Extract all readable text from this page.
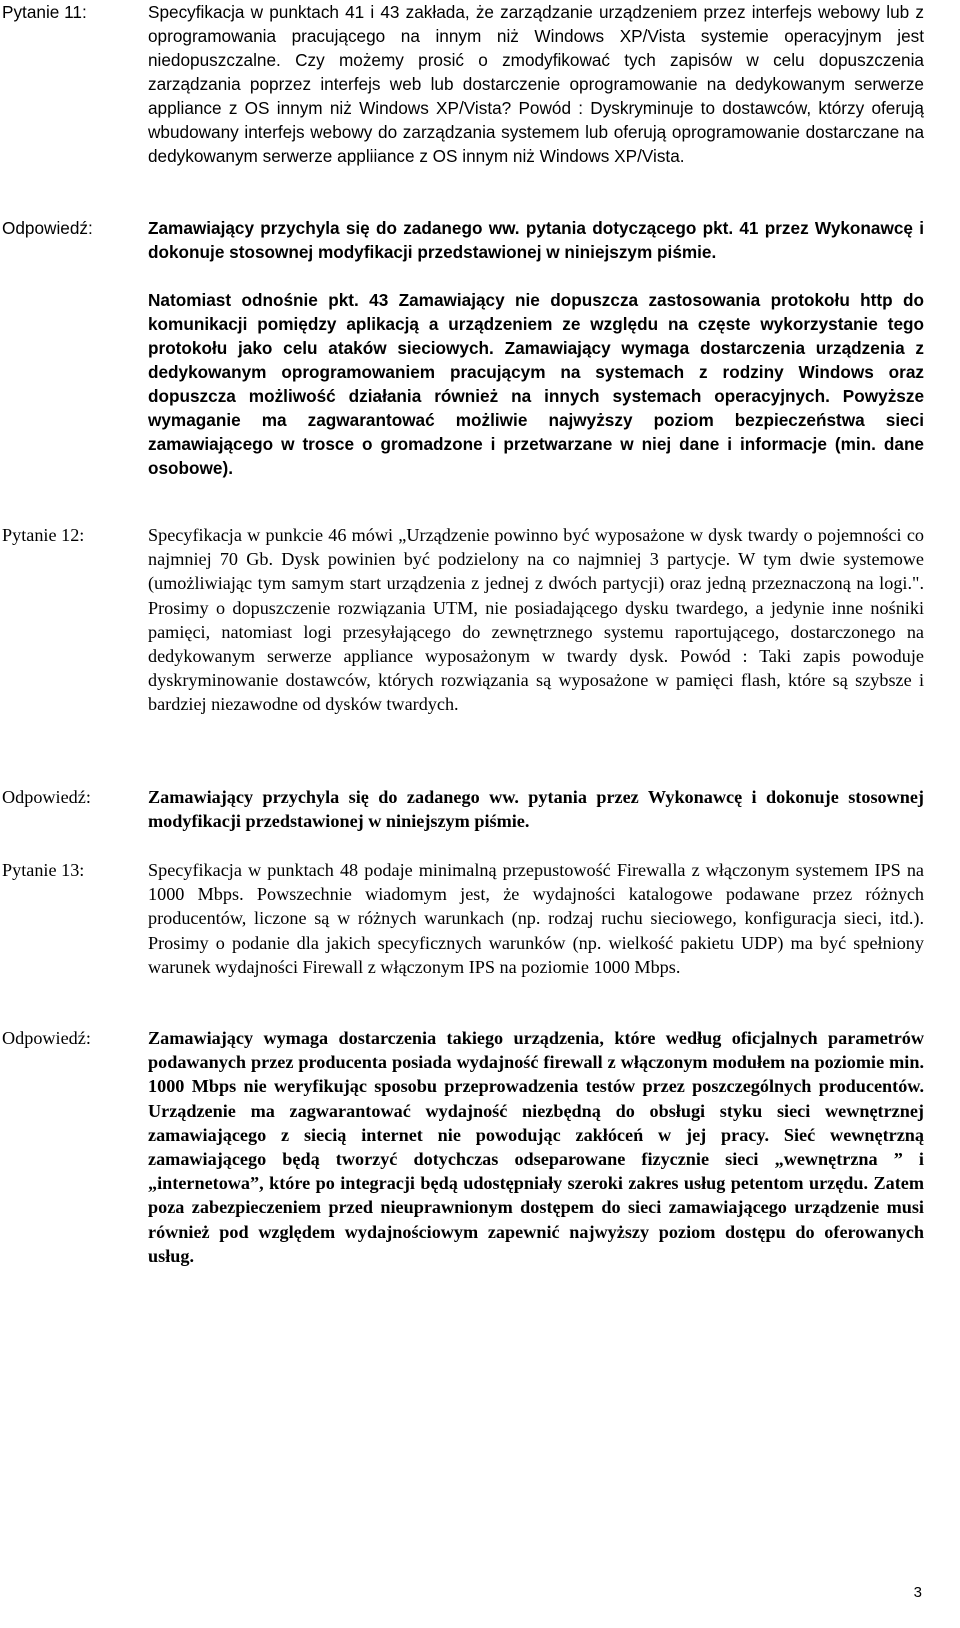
Pytanie 11:	Specyfikacja w punktach 41 i 43 zakłada, że zarządzanie urządzeniem przez interfejs webowy lub z oprogramowania pracującego na innym niż Windows XP/Vista systemie operacyjnym jest niedopuszczalne. Czy możemy prosić o zmodyfikować tych zapisów w celu dopuszczenia zarządzania poprzez interfejs web lub dostarczenie oprogramowanie na dedykowanym serwerze appliance z OS innym niż Windows XP/Vista? Powód : Dyskryminuje to dostawców, którzy oferują wbudowany interfejs webowy do zarządzania systemem lub oferują oprogramowanie dostarczane na dedykowanym serwerze appliiance z OS innym niż Windows XP/Vista.

Odpowiedź:	Zamawiający przychyla się do zadanego ww. pytania dotyczącego pkt. 41 przez Wykonawcę i dokonuje stosownej modyfikacji przedstawionej w niniejszym piśmie.

Natomiast odnośnie pkt. 43 Zamawiający nie dopuszcza zastosowania protokołu http do komunikacji pomiędzy aplikacją a urządzeniem ze względu na częste wykorzystanie tego protokołu jako celu ataków sieciowych. Zamawiający wymaga dostarczenia urządzenia z dedykowanym oprogramowaniem pracującym na systemach z rodziny Windows oraz dopuszcza możliwość działania również na innych systemach operacyjnych. Powyższe wymaganie ma zagwarantować możliwie najwyższy poziom bezpieczeństwa sieci zamawiającego w trosce o gromadzone i przetwarzane w niej dane i informacje (min. dane osobowe).

Pytanie 12:	Specyfikacja w punkcie 46 mówi „Urządzenie powinno być wyposażone w dysk twardy o pojemności co najmniej 70 Gb. Dysk powinien być podzielony na co najmniej 3 partycje. W tym dwie systemowe (umożliwiając tym samym start urządzenia z jednej z dwóch partycji) oraz jedną przeznaczoną na logi.". Prosimy o dopuszczenie rozwiązania UTM, nie posiadającego dysku twardego, a jedynie inne nośniki pamięci, natomiast logi przesyłającego do zewnętrznego systemu raportującego, dostarczonego na dedykowanym serwerze appliance wyposażonym w twardy dysk. Powód : Taki zapis powoduje dyskryminowanie dostawców, których rozwiązania są wyposażone w pamięci flash, które są szybsze i bardziej niezawodne od dysków twardych.

Odpowiedź:	Zamawiający przychyla się do zadanego ww. pytania przez Wykonawcę i dokonuje stosownej modyfikacji przedstawionej w niniejszym piśmie.

Pytanie 13:	Specyfikacja w punktach 48 podaje minimalną przepustowość Firewalla z włączonym systemem IPS na 1000 Mbps. Powszechnie wiadomym jest, że wydajności katalogowe podawane przez różnych producentów, liczone są w różnych warunkach (np. rodzaj ruchu sieciowego, konfiguracja sieci, itd.). Prosimy o podanie dla jakich specyficznych warunków (np. wielkość pakietu UDP) ma być spełniony warunek wydajności Firewall z włączonym IPS na poziomie 1000 Mbps.

Odpowiedź:	Zamawiający wymaga dostarczenia takiego urządzenia, które według oficjalnych parametrów podawanych przez producenta posiada wydajność firewall z włączonym modułem na poziomie min. 1000 Mbps nie weryfikując sposobu przeprowadzenia testów przez poszczególnych producentów. Urządzenie ma zagwarantować wydajność niezbędną do obsługi styku sieci wewnętrznej zamawiającego z siecią internet nie powodując zakłóceń w jej pracy. Sieć wewnętrzną zamawiającego będą tworzyć dotychczas odseparowane fizycznie sieci „wewnętrzna ” i „internetowa”, które po integracji będą udostępniały szeroki zakres usług petentom urzędu. Zatem poza zabezpieczeniem przed nieuprawnionym dostępem do sieci zamawiającego urządzenie musi również pod względem wydajnościowym zapewnić najwyższy poziom dostępu do oferowanych usług.

3
